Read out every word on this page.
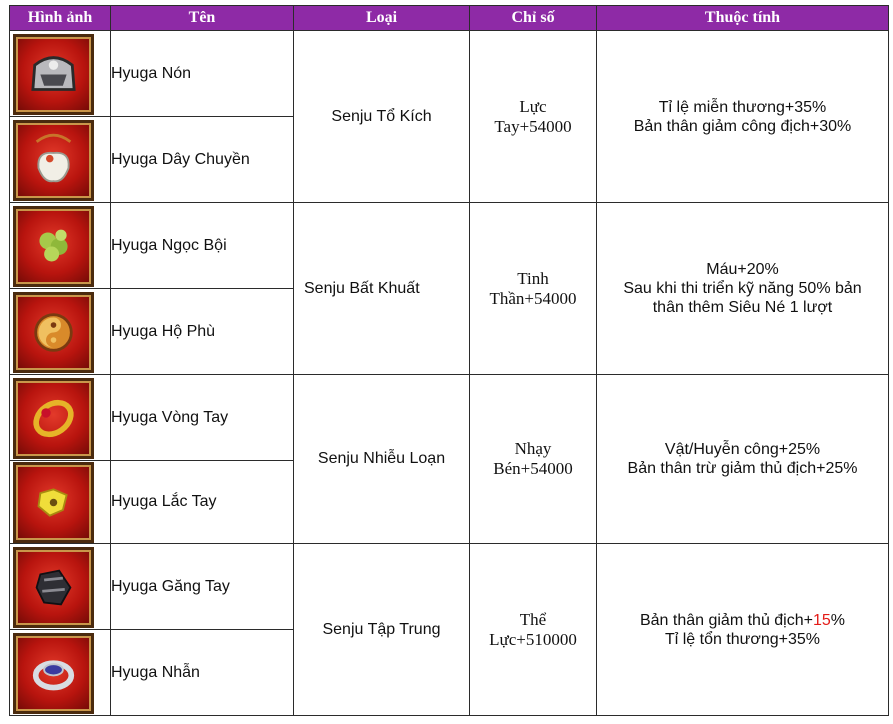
Hình ảnh	Tên	Loại	Chỉ số	Thuộc tính

	Hyuga Nón	Senju Tổ Kích	Lực
Tay+54000	Tỉ lệ miễn thương+35%
Bản thân giảm công địch+30%

	Hyuga Dây Chuyền			

	Hyuga Ngọc Bội	Senju Bất Khuất	Tinh
Thần+54000	Máu+20%
Sau khi thi triển kỹ năng 50% bản
thân thêm Siêu Né 1 lượt

	Hyuga Hộ Phù			

	Hyuga Vòng Tay	Senju Nhiễu Loạn	Nhạy
Bén+54000	Vật/Huyễn công+25%
Bản thân trừ giảm thủ địch+25%

	Hyuga Lắc Tay			

	Hyuga Găng Tay	Senju Tập Trung	Thể
Lực+510000	Bản thân giảm thủ địch+15%
Tỉ lệ tổn thương+35%

	Hyuga Nhẫn			
